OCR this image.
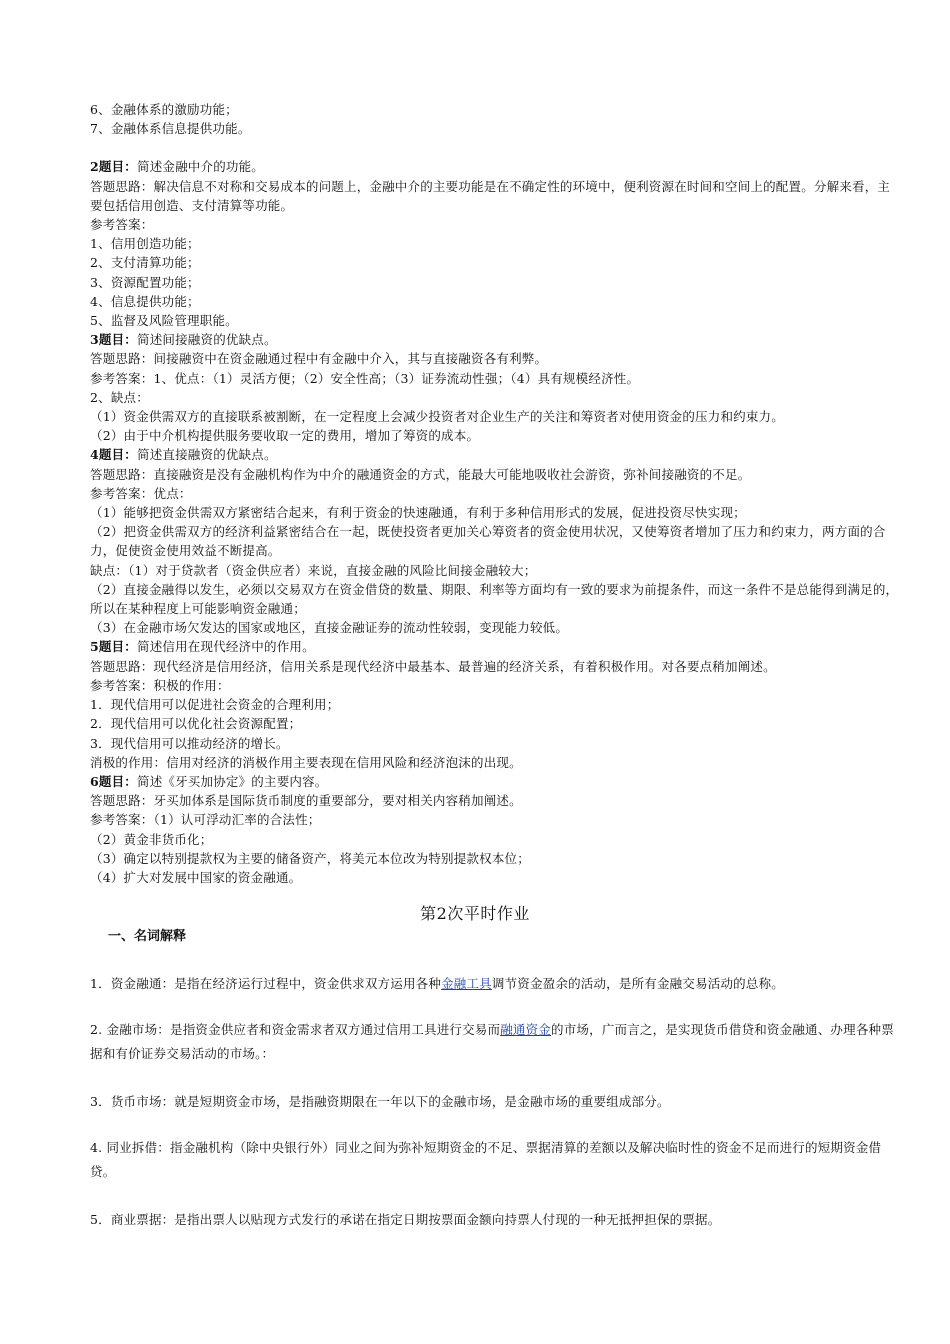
6、金融体系的激励功能；
7、金融体系信息提供功能。
2题目：简述金融中介的功能。
答题思路：解决信息不对称和交易成本的问题上，金融中介的主要功能是在不确定性的环境中，便利资源在时间和空间上的配置。分解来看，主要包括信用创造、支付清算等功能。
参考答案：
1、信用创造功能；
2、支付清算功能；
3、资源配置功能；
4、信息提供功能；
5、监督及风险管理职能。
3题目：简述间接融资的优缺点。
答题思路：间接融资中在资金融通过程中有金融中介入，其与直接融资各有利弊。
参考答案：1、优点：（1）灵活方便；（2）安全性高；（3）证券流动性强；（4）具有规模经济性。
2、缺点：
（1）资金供需双方的直接联系被割断，在一定程度上会减少投资者对企业生产的关注和筹资者对使用资金的压力和约束力。
（2）由于中介机构提供服务要收取一定的费用，增加了筹资的成本。
4题目：简述直接融资的优缺点。
答题思路：直接融资是没有金融机构作为中介的融通资金的方式，能最大可能地吸收社会游资，弥补间接融资的不足。
参考答案：优点：
（1）能够把资金供需双方紧密结合起来，有利于资金的快速融通，有利于多种信用形式的发展，促进投资尽快实现；
（2）把资金供需双方的经济利益紧密结合在一起，既使投资者更加关心筹资者的资金使用状况，又使筹资者增加了压力和约束力，两方面的合力，促使资金使用效益不断提高。
缺点：（1）对于贷款者（资金供应者）来说，直接金融的风险比间接金融较大；
（2）直接金融得以发生，必须以交易双方在资金借贷的数量、期限、利率等方面均有一致的要求为前提条件，而这一条件不是总能得到满足的，所以在某种程度上可能影响资金融通；
（3）在金融市场欠发达的国家或地区，直接金融证券的流动性较弱，变现能力较低。
5题目：简述信用在现代经济中的作用。
答题思路：现代经济是信用经济，信用关系是现代经济中最基本、最普遍的经济关系，有着积极作用。对各要点稍加阐述。
参考答案：积极的作用：
1．现代信用可以促进社会资金的合理利用；
2．现代信用可以优化社会资源配置；
3．现代信用可以推动经济的增长。
消极的作用：信用对经济的消极作用主要表现在信用风险和经济泡沫的出现。
6题目：简述《牙买加协定》的主要内容。
答题思路：牙买加体系是国际货币制度的重要部分，要对相关内容稍加阐述。
参考答案：（1）认可浮动汇率的合法性；
（2）黄金非货币化；
（3）确定以特别提款权为主要的储备资产，将美元本位改为特别提款权本位；
（4）扩大对发展中国家的资金融通。
第2次平时作业
一、名词解释
1．资金融通：是指在经济运行过程中，资金供求双方运用各种金融工具调节资金盈余的活动，是所有金融交易活动的总称。
2. 金融市场：是指资金供应者和资金需求者双方通过信用工具进行交易而融通资金的市场，广而言之，是实现货币借贷和资金融通、办理各种票据和有价证券交易活动的市场。：
3．货币市场：就是短期资金市场，是指融资期限在一年以下的金融市场，是金融市场的重要组成部分。
4. 同业拆借：指金融机构（除中央银行外）同业之间为弥补短期资金的不足、票据清算的差额以及解决临时性的资金不足而进行的短期资金借贷。
5．商业票据：是指出票人以贴现方式发行的承诺在指定日期按票面金额向持票人付现的一种无抵押担保的票据。
